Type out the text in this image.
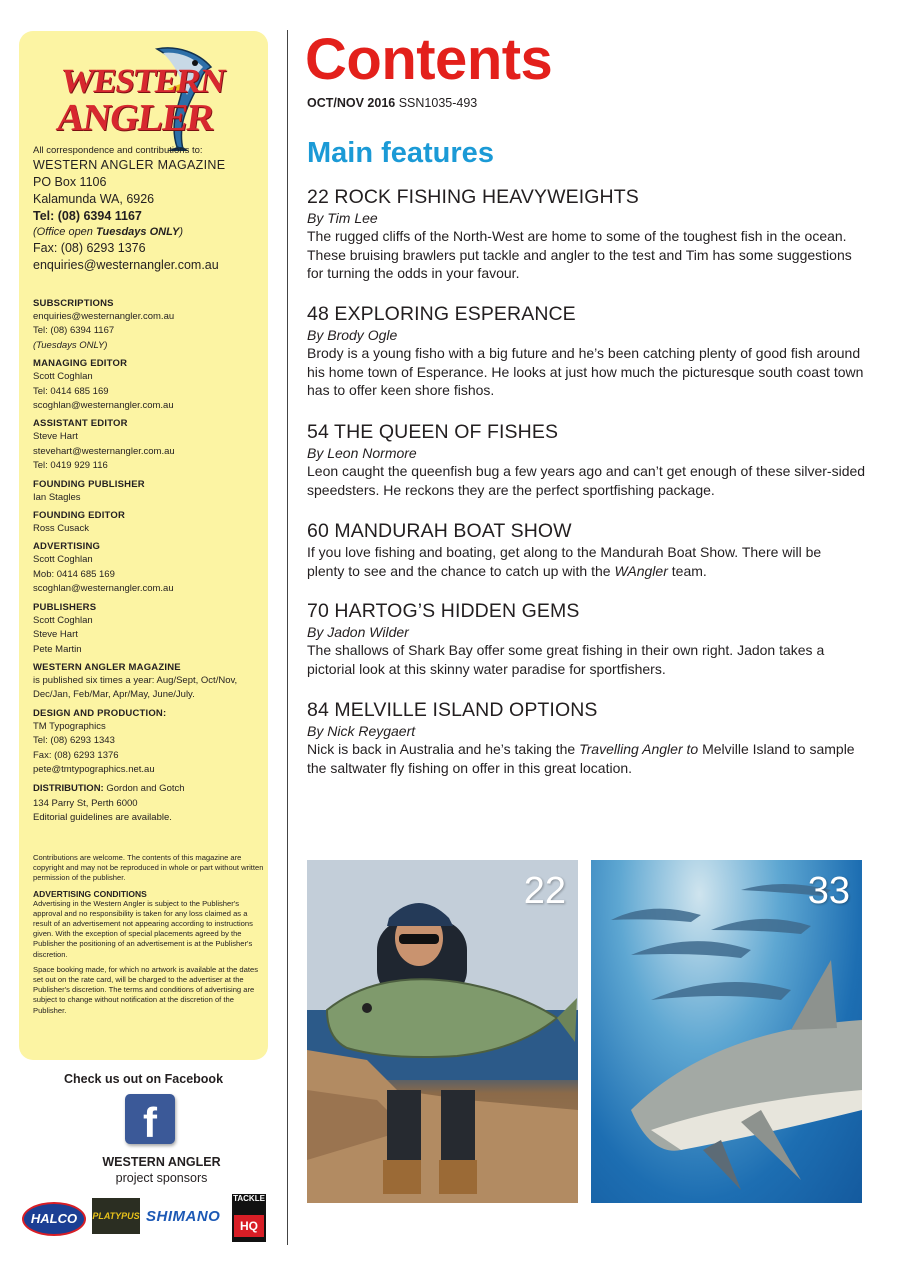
WESTERN
ANGLER
All correspondence and contributions to:
WESTERN ANGLER MAGAZINE
PO Box 1106
Kalamunda WA, 6926
Tel: (08) 6394 1167
(Office open Tuesdays ONLY)
Fax: (08) 6293 1376
enquiries@westernangler.com.au
SUBSCRIPTIONS
enquiries@westernangler.com.au
Tel: (08) 6394 1167
(Tuesdays ONLY)
MANAGING EDITOR
Scott Coghlan
Tel: 0414 685 169
scoghlan@westernangler.com.au
ASSISTANT EDITOR
Steve Hart
stevehart@westernangler.com.au
Tel: 0419 929 116
FOUNDING PUBLISHER
Ian Stagles
FOUNDING EDITOR
Ross Cusack
ADVERTISING
Scott Coghlan
Mob: 0414 685 169
scoghlan@westernangler.com.au
PUBLISHERS
Scott Coghlan
Steve Hart
Pete Martin
WESTERN ANGLER MAGAZINE
is published six times a year: Aug/Sept, Oct/Nov,
Dec/Jan, Feb/Mar, Apr/May, June/July.
DESIGN AND PRODUCTION:
TM Typographics
Tel: (08) 6293 1343
Fax: (08) 6293 1376
pete@tmtypographics.net.au
DISTRIBUTION: Gordon and Gotch
134 Parry St, Perth 6000
Editorial guidelines are available.

Contributions are welcome. The contents of this magazine are copyright and may not be reproduced in whole or part without written permission of the publisher.

ADVERTISING CONDITIONS

Advertising in the Western Angler is subject to the Publisher's approval and no responsibility is taken for any loss claimed as a result of an advertisement not appearing according to instructions given. With the exception of special placements agreed by the Publisher the positioning of an advertisement is at the Publisher's discretion.

Space booking made, for which no artwork is available at the dates set out on the rate card, will be charged to the advertiser at the Publisher's discretion. The terms and conditions of advertising are subject to change without notification at the discretion of the Publisher.

Check us out on Facebook
f
WESTERN ANGLER
project sponsors
HALCO	PLATYPUS SHIMANO
TACKLE
HQ
Contents
OCT/NOV 2016 SSN1035-493
Main features
22 ROCK FISHING HEAVYWEIGHTS
By Tim Lee
The rugged cliffs of the North-West are home to some of the toughest fish in the ocean. These bruising brawlers put tackle and angler to the test and Tim has some suggestions for turning the odds in your favour.
48 EXPLORING ESPERANCE
By Brody Ogle
Brody is a young fisho with a big future and he’s been catching plenty of good fish around his home town of Esperance. He looks at just how much the picturesque south coast town has to offer keen shore fishos.
54 THE QUEEN OF FISHES
By Leon Normore
Leon caught the queenfish bug a few years ago and can’t get enough of these silver-sided speedsters. He reckons they are the perfect sportfishing package.
60 MANDURAH BOAT SHOW
If you love fishing and boating, get along to the Mandurah Boat Show. There will be plenty to see and the chance to catch up with the WAngler team.
70 HARTOG’S HIDDEN GEMS
By Jadon Wilder
The shallows of Shark Bay offer some great fishing in their own right. Jadon takes a pictorial look at this skinny water paradise for sportfishers.
84 MELVILLE ISLAND OPTIONS
By Nick Reygaert
Nick is back in Australia and he’s taking the Travelling Angler to Melville Island to sample the saltwater fly fishing on offer in this great location.
22	33
